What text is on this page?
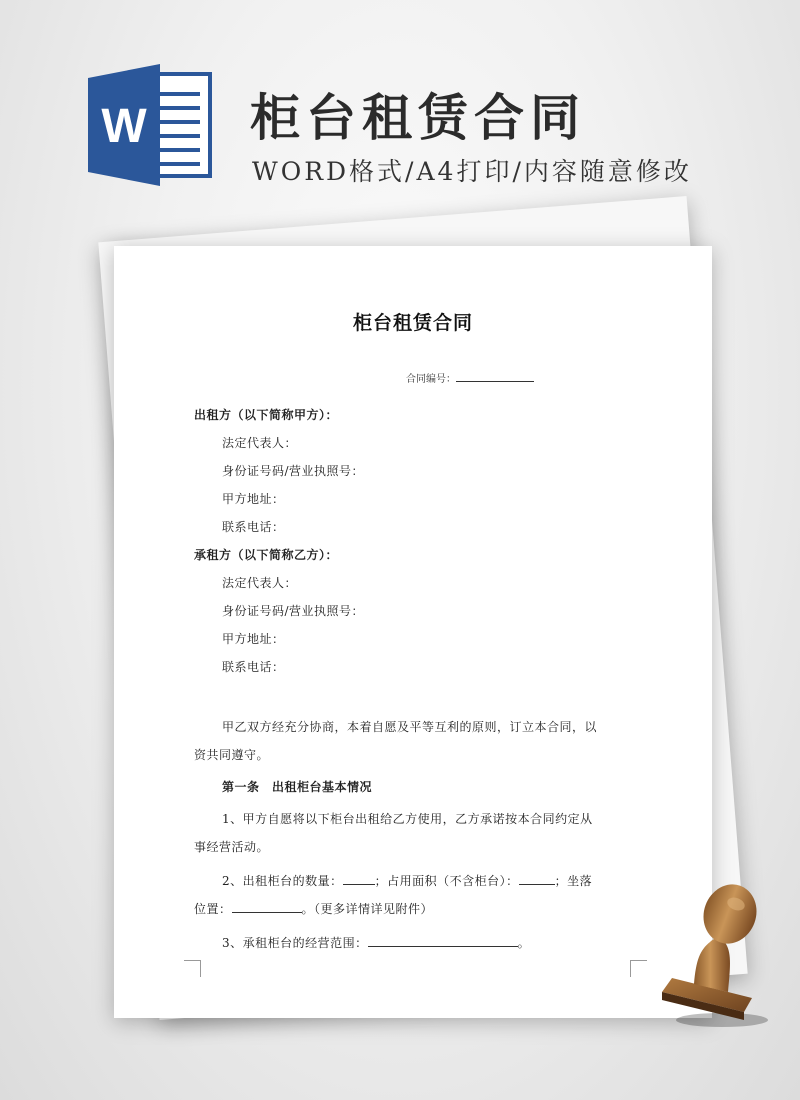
W 柜台租赁合同
WORD格式/A4打印/内容随意修改
柜台租赁合同
合同编号：
出租方（以下简称甲方）：
法定代表人：
身份证号码/营业执照号：
甲方地址：
联系电话：
承租方（以下简称乙方）：
法定代表人：
身份证号码/营业执照号：
甲方地址：
联系电话：
甲乙双方经充分协商，本着自愿及平等互利的原则，订立本合同，以
资共同遵守。
第一条　出租柜台基本情况
1、甲方自愿将以下柜台出租给乙方使用，乙方承诺按本合同约定从
事经营活动。
2、出租柜台的数量：	；占用面积（不含柜台）：	；坐落
位置：	。（更多详情详见附件）
3、承租柜台的经营范围：	。
